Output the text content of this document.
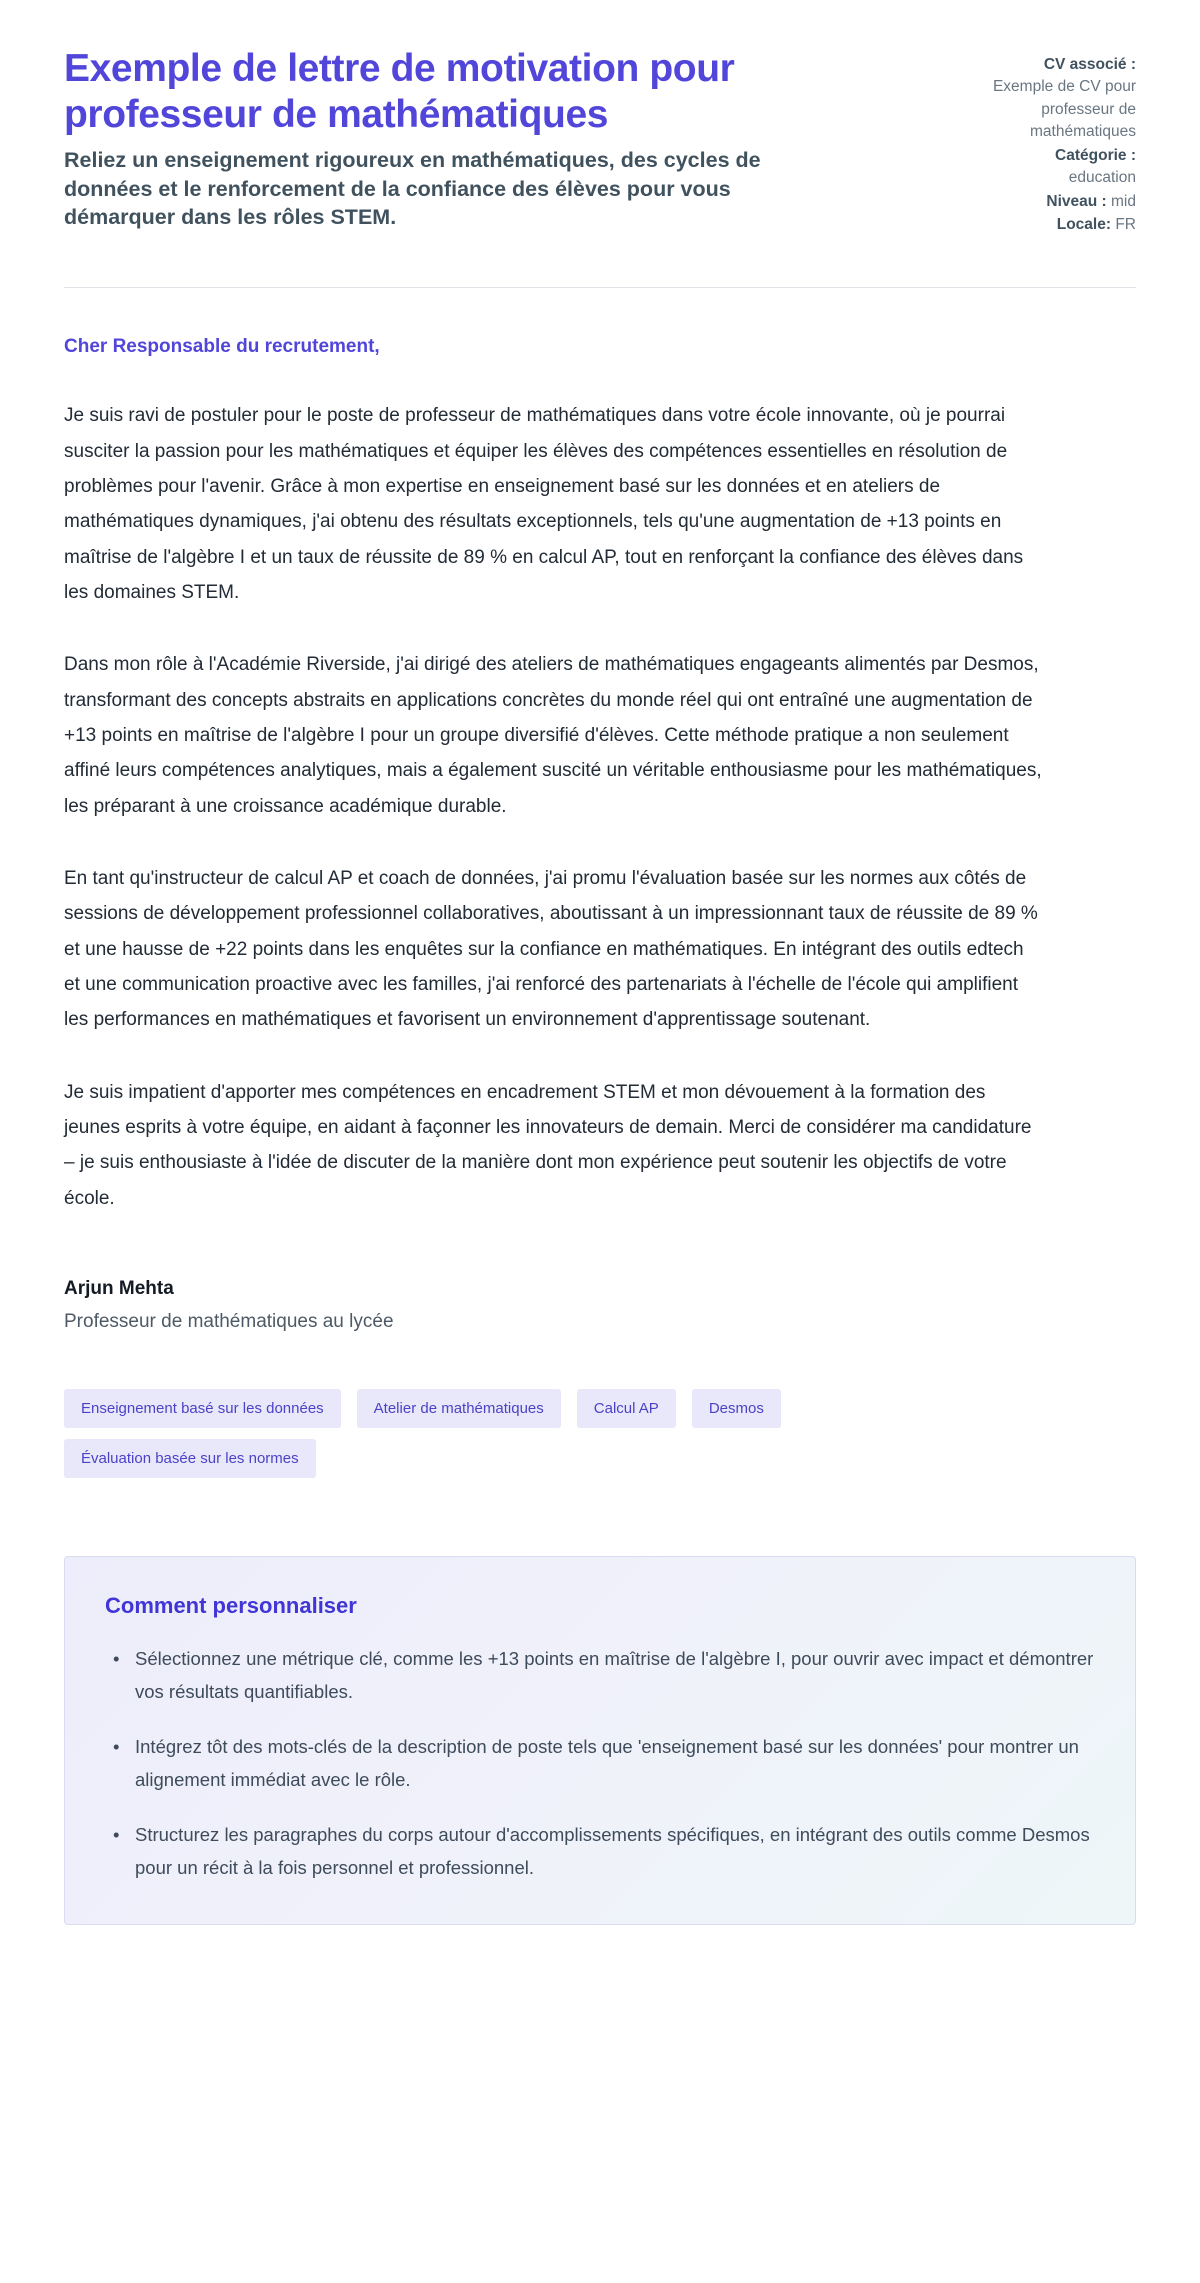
Exemple de lettre de motivation pour professeur de mathématiques

Reliez un enseignement rigoureux en mathématiques, des cycles de données et le renforcement de la confiance des élèves pour vous démarquer dans les rôles STEM.

CV associé :
Exemple de CV pour professeur de mathématiques
Catégorie :
education
Niveau : mid
Locale: FR

Cher Responsable du recrutement,

Je suis ravi de postuler pour le poste de professeur de mathématiques dans votre école innovante, où je pourrai susciter la passion pour les mathématiques et équiper les élèves des compétences essentielles en résolution de problèmes pour l'avenir. Grâce à mon expertise en enseignement basé sur les données et en ateliers de mathématiques dynamiques, j'ai obtenu des résultats exceptionnels, tels qu'une augmentation de +13 points en maîtrise de l'algèbre I et un taux de réussite de 89 % en calcul AP, tout en renforçant la confiance des élèves dans les domaines STEM.

Dans mon rôle à l'Académie Riverside, j'ai dirigé des ateliers de mathématiques engageants alimentés par Desmos, transformant des concepts abstraits en applications concrètes du monde réel qui ont entraîné une augmentation de +13 points en maîtrise de l'algèbre I pour un groupe diversifié d'élèves. Cette méthode pratique a non seulement affiné leurs compétences analytiques, mais a également suscité un véritable enthousiasme pour les mathématiques, les préparant à une croissance académique durable.

En tant qu'instructeur de calcul AP et coach de données, j'ai promu l'évaluation basée sur les normes aux côtés de sessions de développement professionnel collaboratives, aboutissant à un impressionnant taux de réussite de 89 % et une hausse de +22 points dans les enquêtes sur la confiance en mathématiques. En intégrant des outils edtech et une communication proactive avec les familles, j'ai renforcé des partenariats à l'échelle de l'école qui amplifient les performances en mathématiques et favorisent un environnement d'apprentissage soutenant.

Je suis impatient d'apporter mes compétences en encadrement STEM et mon dévouement à la formation des jeunes esprits à votre équipe, en aidant à façonner les innovateurs de demain. Merci de considérer ma candidature – je suis enthousiaste à l'idée de discuter de la manière dont mon expérience peut soutenir les objectifs de votre école.

Arjun Mehta

Professeur de mathématiques au lycée

Enseignement basé sur les données	Atelier de mathématiques	Calcul AP	Desmos
Évaluation basée sur les normes
Comment personnaliser
• Sélectionnez une métrique clé, comme les +13 points en maîtrise de l'algèbre I, pour ouvrir avec impact et démontrer vos résultats quantifiables.
• Intégrez tôt des mots-clés de la description de poste tels que 'enseignement basé sur les données' pour montrer un alignement immédiat avec le rôle.
• Structurez les paragraphes du corps autour d'accomplissements spécifiques, en intégrant des outils comme Desmos pour un récit à la fois personnel et professionnel.
